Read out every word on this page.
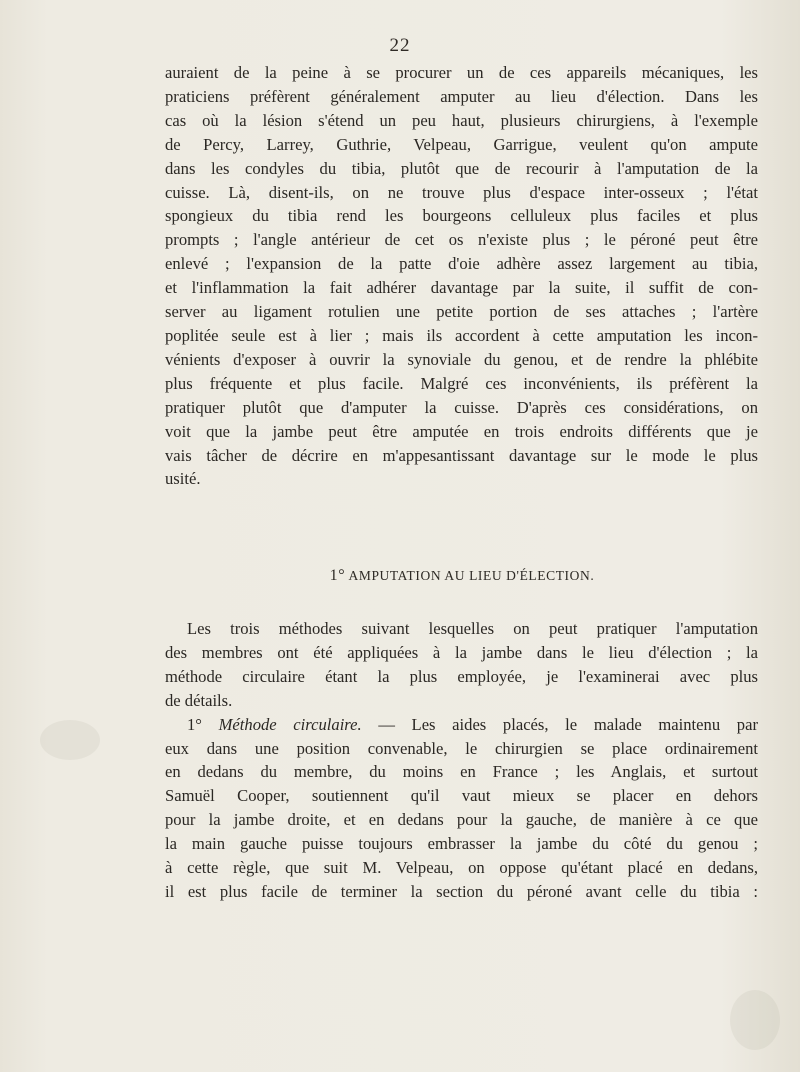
22
auraient de la peine à se procurer un de ces appareils mécaniques, les
praticiens préfèrent généralement amputer au lieu d'élection. Dans les
cas où la lésion s'étend un peu haut, plusieurs chirurgiens, à l'exemple
de Percy, Larrey, Guthrie, Velpeau, Garrigue, veulent qu'on ampute
dans les condyles du tibia, plutôt que de recourir à l'amputation de la
cuisse. Là, disent-ils, on ne trouve plus d'espace inter-osseux ; l'état
spongieux du tibia rend les bourgeons celluleux plus faciles et plus
prompts ; l'angle antérieur de cet os n'existe plus ; le péroné peut être
enlevé ; l'expansion de la patte d'oie adhère assez largement au tibia,
et l'inflammation la fait adhérer davantage par la suite, il suffit de con-
server au ligament rotulien une petite portion de ses attaches ; l'artère
poplitée seule est à lier ; mais ils accordent à cette amputation les incon-
vénients d'exposer à ouvrir la synoviale du genou, et de rendre la phlébite
plus fréquente et plus facile. Malgré ces inconvénients, ils préfèrent la
pratiquer plutôt que d'amputer la cuisse. D'après ces considérations, on
voit que la jambe peut être amputée en trois endroits différents que je
vais tâcher de décrire en m'appesantissant davantage sur le mode le plus
usité.
1° AMPUTATION AU LIEU D'ÉLECTION.
Les trois méthodes suivant lesquelles on peut pratiquer l'amputation
des membres ont été appliquées à la jambe dans le lieu d'élection ; la
méthode circulaire étant la plus employée, je l'examinerai avec plus
de détails.
1° Méthode circulaire. — Les aides placés, le malade maintenu par
eux dans une position convenable, le chirurgien se place ordinairement
en dedans du membre, du moins en France ; les Anglais, et surtout
Samuël Cooper, soutiennent qu'il vaut mieux se placer en dehors
pour la jambe droite, et en dedans pour la gauche, de manière à ce que
la main gauche puisse toujours embrasser la jambe du côté du genou ;
à cette règle, que suit M. Velpeau, on oppose qu'étant placé en dedans,
il est plus facile de terminer la section du péroné avant celle du tibia :
